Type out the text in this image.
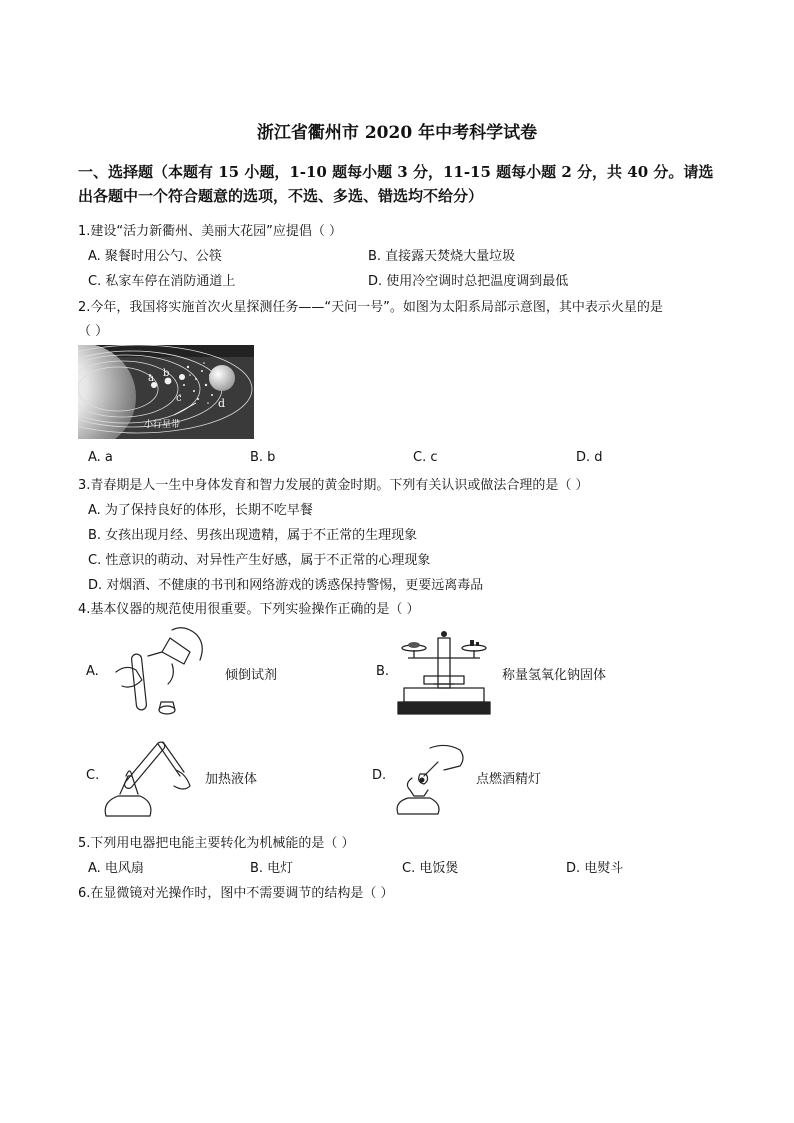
浙江省衢州市 2020 年中考科学试卷
一、选择题（本题有 15 小题，1-10 题每小题 3 分，11-15 题每小题 2 分，共 40 分。请选出各题中一个符合题意的选项，不选、多选、错选均不给分）
1.建设“活力新衢州、美丽大花园”应提倡（ ）
A. 聚餐时用公勺、公筷	B. 直接露天焚烧大量垃圾
C. 私家车停在消防通道上	D. 使用冷空调时总把温度调到最低
2.今年，我国将实施首次火星探测任务——“天问一号”。如图为太阳系局部示意图，其中表示火星的是
（ ）
a b
c	d
小行星带
A. a	B. b	C. c	D. d
3.青春期是人一生中身体发育和智力发展的黄金时期。下列有关认识或做法合理的是（ ）
A. 为了保持良好的体形，长期不吃早餐
B. 女孩出现月经、男孩出现遗精，属于不正常的生理现象
C. 性意识的萌动、对异性产生好感，属于不正常的心理现象
D. 对烟酒、不健康的书刊和网络游戏的诱惑保持警惕，更要远离毒品
4.基本仪器的规范使用很重要。下列实验操作正确的是（ ）
A.	倾倒试剂	B.	称量氢氧化钠固体
C.	加热液体	D.	点燃酒精灯
5.下列用电器把电能主要转化为机械能的是（ ）
A. 电风扇	B. 电灯	C. 电饭煲	D. 电熨斗
6.在显微镜对光操作时，图中不需要调节的结构是（ ）
